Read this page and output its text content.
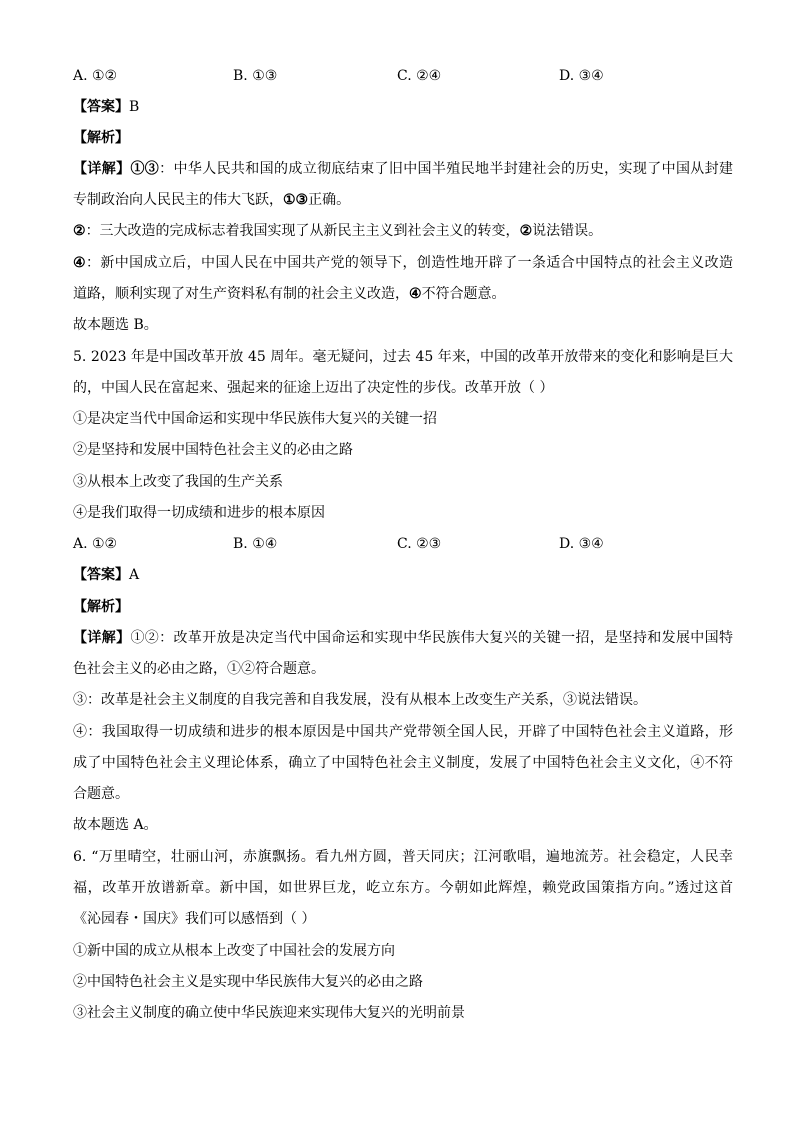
A. ①②	B. ①③	C. ②④	D. ③④
【答案】B
【解析】
【详解】①③：中华人民共和国的成立彻底结束了旧中国半殖民地半封建社会的历史，实现了中国从封建
专制政治向人民民主的伟大飞跃，①③正确。
②：三大改造的完成标志着我国实现了从新民主主义到社会主义的转变，②说法错误。
④：新中国成立后，中国人民在中国共产党的领导下，创造性地开辟了一条适合中国特点的社会主义改造
道路，顺利实现了对生产资料私有制的社会主义改造，④不符合题意。
故本题选 B。
5. 2023 年是中国改革开放 45 周年。毫无疑问，过去 45 年来，中国的改革开放带来的变化和影响是巨大
的，中国人民在富起来、强起来的征途上迈出了决定性的步伐。改革开放（ ）
①是决定当代中国命运和实现中华民族伟大复兴的关键一招
②是坚持和发展中国特色社会主义的必由之路
③从根本上改变了我国的生产关系
④是我们取得一切成绩和进步的根本原因
A. ①②	B. ①④	C. ②③	D. ③④
【答案】A
【解析】
【详解】①②：改革开放是决定当代中国命运和实现中华民族伟大复兴的关键一招，是坚持和发展中国特
色社会主义的必由之路，①②符合题意。
③：改革是社会主义制度的自我完善和自我发展，没有从根本上改变生产关系，③说法错误。
④：我国取得一切成绩和进步的根本原因是中国共产党带领全国人民，开辟了中国特色社会主义道路，形
成了中国特色社会主义理论体系，确立了中国特色社会主义制度，发展了中国特色社会主义文化，④不符
合题意。
故本题选 A。
6. “万里晴空，壮丽山河，赤旗飘扬。看九州方圆，普天同庆；江河歌唱，遍地流芳。社会稳定，人民幸
福，改革开放谱新章。新中国，如世界巨龙，屹立东方。今朝如此辉煌，赖党政国策指方向。”透过这首
《沁园春・国庆》我们可以感悟到（ ）
①新中国的成立从根本上改变了中国社会的发展方向
②中国特色社会主义是实现中华民族伟大复兴的必由之路
③社会主义制度的确立使中华民族迎来实现伟大复兴的光明前景
